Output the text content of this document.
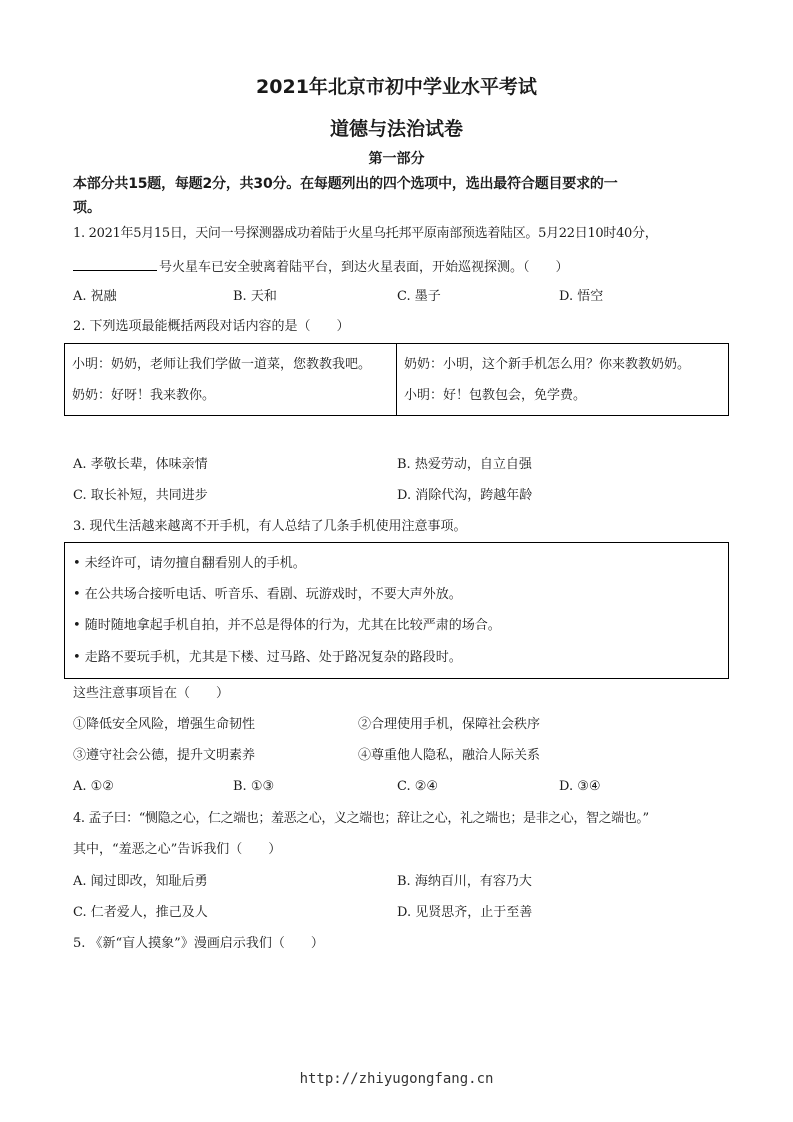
2021年北京市初中学业水平考试
道德与法治试卷
第一部分
本部分共15题，每题2分，共30分。在每题列出的四个选项中，选出最符合题目要求的一
项。
1. 2021年5月15日，天问一号探测器成功着陆于火星乌托邦平原南部预选着陆区。5月22日10时40分，
号火星车已安全驶离着陆平台，到达火星表面，开始巡视探测。（　　）
A. 祝融	B. 天和	C. 墨子	D. 悟空
2. 下列选项最能概括两段对话内容的是（　　）
小明：奶奶，老师让我们学做一道菜，您教教我吧。
奶奶：好呀！我来教你。
奶奶：小明，这个新手机怎么用？你来教教奶奶。
小明：好！包教包会，免学费。
A. 孝敬长辈，体味亲情	B. 热爱劳动，自立自强
C. 取长补短，共同进步	D. 消除代沟，跨越年龄
3. 现代生活越来越离不开手机，有人总结了几条手机使用注意事项。
• 未经许可，请勿擅自翻看别人的手机。
• 在公共场合接听电话、听音乐、看剧、玩游戏时，不要大声外放。
• 随时随地拿起手机自拍，并不总是得体的行为，尤其在比较严肃的场合。
• 走路不要玩手机，尤其是下楼、过马路、处于路况复杂的路段时。
这些注意事项旨在（　　）
①降低安全风险，增强生命韧性	②合理使用手机，保障社会秩序
③遵守社会公德，提升文明素养	④尊重他人隐私，融洽人际关系
A. ①②	B. ①③	C. ②④	D. ③④
4. 孟子曰：“恻隐之心，仁之端也；羞恶之心，义之端也；辞让之心，礼之端也；是非之心，智之端也。”
其中，“羞恶之心”告诉我们（　　）
A. 闻过即改，知耻后勇	B. 海纳百川，有容乃大
C. 仁者爱人，推己及人	D. 见贤思齐，止于至善
5. 《新“盲人摸象”》漫画启示我们（　　）
http://zhiyugongfang.cn
